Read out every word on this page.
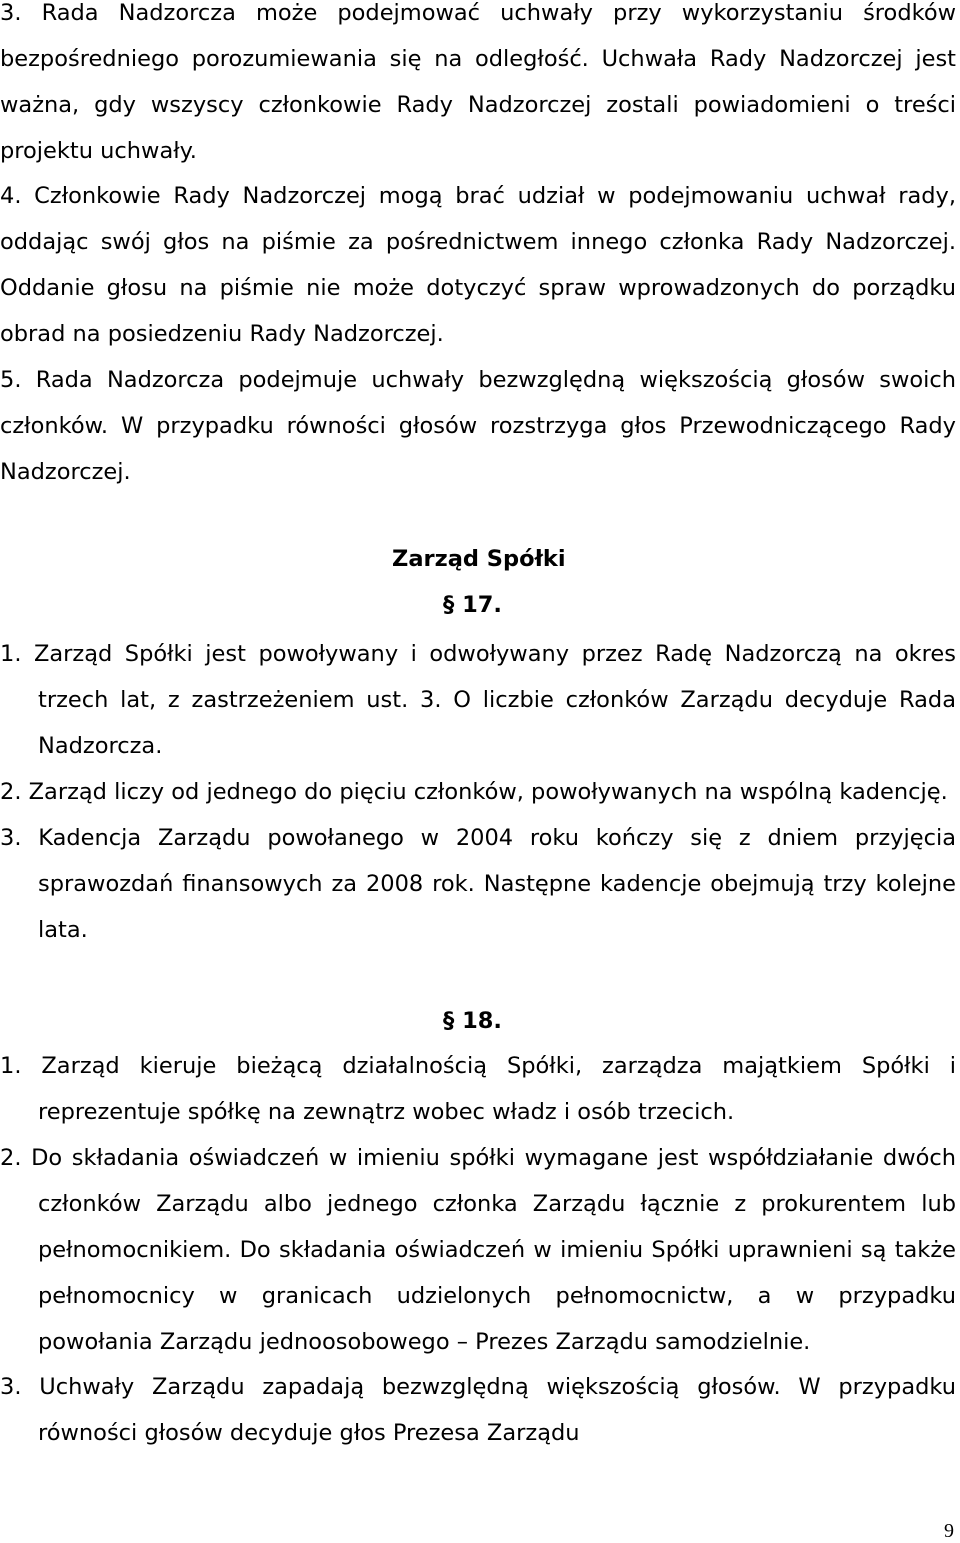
3. Rada Nadzorcza może podejmować uchwały przy wykorzystaniu środków bezpośredniego porozumiewania się na odległość. Uchwała Rady Nadzorczej jest ważna, gdy wszyscy członkowie Rady Nadzorczej zostali powiadomieni o treści projektu uchwały.

4. Członkowie Rady Nadzorczej mogą brać udział w podejmowaniu uchwał rady, oddając swój głos na piśmie za pośrednictwem innego członka Rady Nadzorczej. Oddanie głosu na piśmie nie może dotyczyć spraw wprowadzonych do porządku obrad na posiedzeniu Rady Nadzorczej.

5. Rada Nadzorcza podejmuje uchwały bezwzględną większością głosów swoich członków. W przypadku równości głosów rozstrzyga głos Przewodniczącego Rady Nadzorczej.

Zarząd Spółki
§ 17.

1. Zarząd Spółki jest powoływany i odwoływany przez Radę Nadzorczą na okres trzech lat, z zastrzeżeniem ust. 3. O liczbie członków Zarządu decyduje Rada Nadzorcza.

2. Zarząd liczy od jednego do pięciu członków, powoływanych na wspólną kadencję.

3. Kadencja Zarządu powołanego w 2004 roku kończy się z dniem przyjęcia sprawozdań finansowych za 2008 rok. Następne kadencje obejmują trzy kolejne lata.

§ 18.

1. Zarząd kieruje bieżącą działalnością Spółki, zarządza majątkiem Spółki i reprezentuje spółkę na zewnątrz wobec władz i osób trzecich.

2. Do składania oświadczeń w imieniu spółki wymagane jest współdziałanie dwóch członków Zarządu albo jednego członka Zarządu łącznie z prokurentem lub pełnomocnikiem. Do składania oświadczeń w imieniu Spółki uprawnieni są także pełnomocnicy w granicach udzielonych pełnomocnictw, a w przypadku powołania Zarządu jednoosobowego – Prezes Zarządu samodzielnie.

3. Uchwały Zarządu zapadają bezwzględną większością głosów. W przypadku równości głosów decyduje głos Prezesa Zarządu

9
